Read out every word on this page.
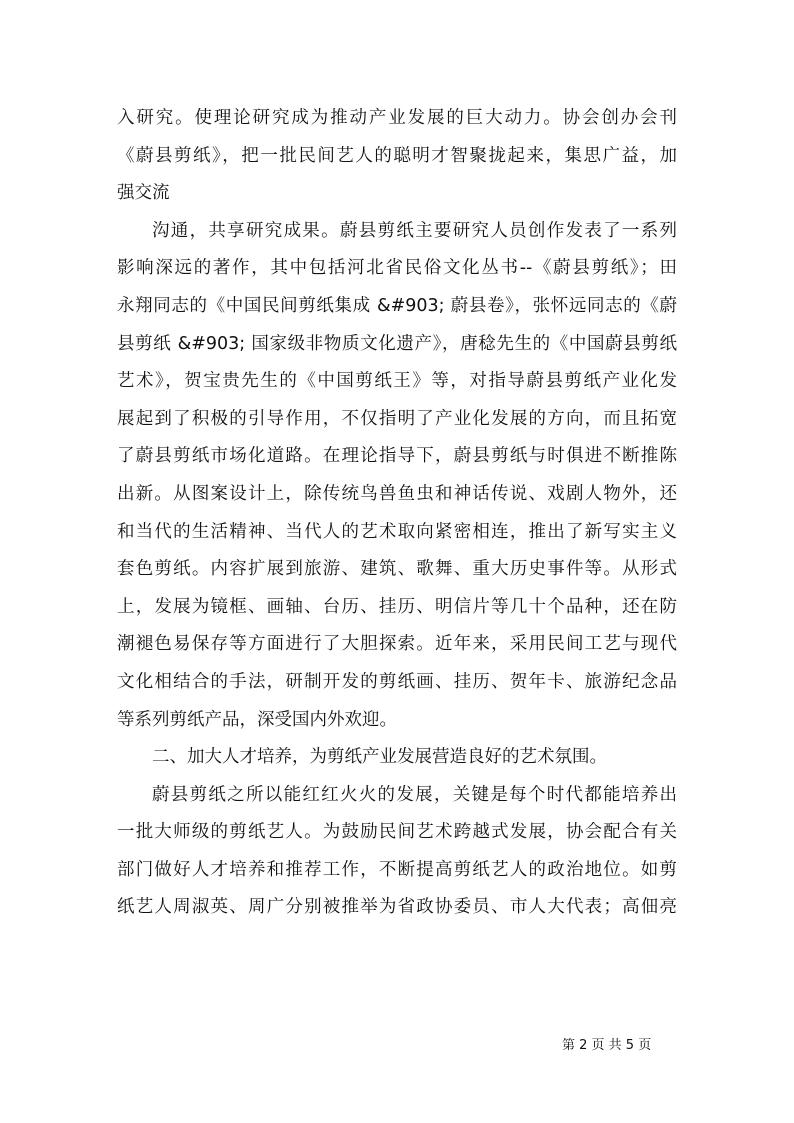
入研究。使理论研究成为推动产业发展的巨大动力。协会创办会刊
《蔚县剪纸》，把一批民间艺人的聪明才智聚拢起来，集思广益，加
强交流
沟通，共享研究成果。蔚县剪纸主要研究人员创作发表了一系列
影响深远的著作，其中包括河北省民俗文化丛书--《蔚县剪纸》；田
永翔同志的《中国民间剪纸集成 &#903; 蔚县卷》，张怀远同志的《蔚
县剪纸 &#903; 国家级非物质文化遗产》，唐稔先生的《中国蔚县剪纸
艺术》，贺宝贵先生的《中国剪纸王》等，对指导蔚县剪纸产业化发
展起到了积极的引导作用，不仅指明了产业化发展的方向，而且拓宽
了蔚县剪纸市场化道路。在理论指导下，蔚县剪纸与时俱进不断推陈
出新。从图案设计上，除传统鸟兽鱼虫和神话传说、戏剧人物外，还
和当代的生活精神、当代人的艺术取向紧密相连，推出了新写实主义
套色剪纸。内容扩展到旅游、建筑、歌舞、重大历史事件等。从形式
上，发展为镜框、画轴、台历、挂历、明信片等几十个品种，还在防
潮褪色易保存等方面进行了大胆探索。近年来，采用民间工艺与现代
文化相结合的手法，研制开发的剪纸画、挂历、贺年卡、旅游纪念品
等系列剪纸产品，深受国内外欢迎。
二、加大人才培养，为剪纸产业发展营造良好的艺术氛围。
蔚县剪纸之所以能红红火火的发展，关键是每个时代都能培养出
一批大师级的剪纸艺人。为鼓励民间艺术跨越式发展，协会配合有关
部门做好人才培养和推荐工作，不断提高剪纸艺人的政治地位。如剪
纸艺人周淑英、周广分别被推举为省政协委员、市人大代表；高佃亮
第 2 页 共 5 页
